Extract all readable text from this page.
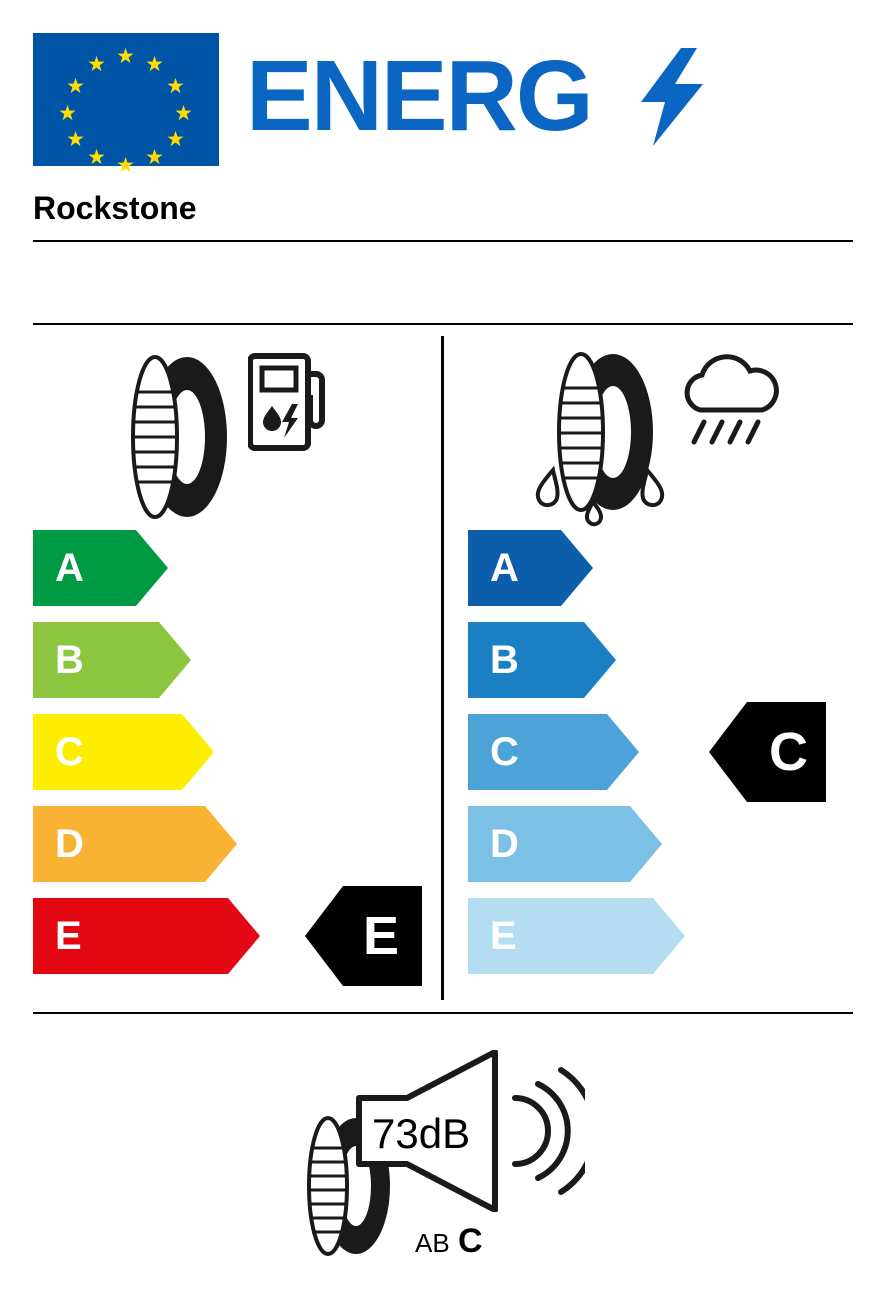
★
★ ★
★	★
★	★
★	★
★ ★
★
ENERG
Rockstone
A
B
C
D
E	E
A
B
C
D
E
C
73dB
AB C
